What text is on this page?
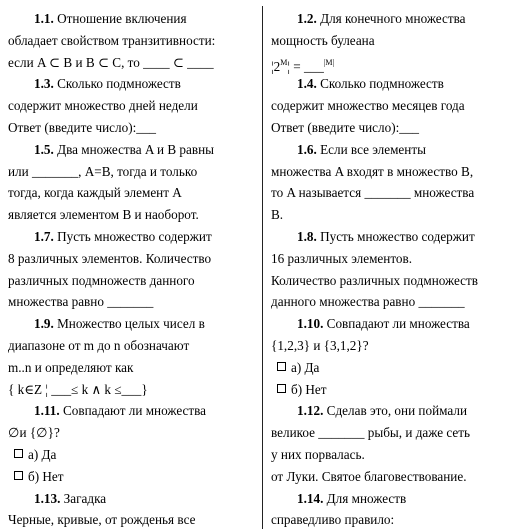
1.1. Отношение включения
обладает свойством транзитивности:
если A ⊂ B и B ⊂ C, то ____ ⊂ ____
1.3. Сколько подмножеств
содержит множество дней недели
Ответ (введите число):___
1.5. Два множества A и B равны
или _______, A=B, тогда и только
тогда, когда каждый элемент A
является элементом B и наоборот.
1.7. Пусть множество содержит
8 различных элементов. Количество
различных подмножеств данного
множества равно _______
1.9. Множество целых чисел в
диапазоне от m до n обозначают
m..n и определяют как
{ k∈Z ¦ ___≤ k ∧ k ≤___}
1.11. Совпадают ли множества
∅и {∅}?
а) Да
б) Нет
1.13. Загадка
Черные, кривые, от рожденья все
1.2. Для конечного множества
мощность булеана
$¦2^M¦$ = ___$^{|M|}$
1.4. Сколько подмножеств
содержит множество месяцев года
Ответ (введите число):___
1.6. Если все элементы
множества A входят в множество B,
то A называется _______ множества
B.
1.8. Пусть множество содержит
16 различных элементов.
Количество различных подмножеств
данного множества равно _______
1.10. Совпадают ли множества
{1,2,3} и {3,1,2}?
а) Да
б) Нет
1.12. Сделав это, они поймали
великое _______ рыбы, и даже сеть
у них порвалась.
от Луки. Святое благовествование.
1.14. Для множеств
справедливо правило:
